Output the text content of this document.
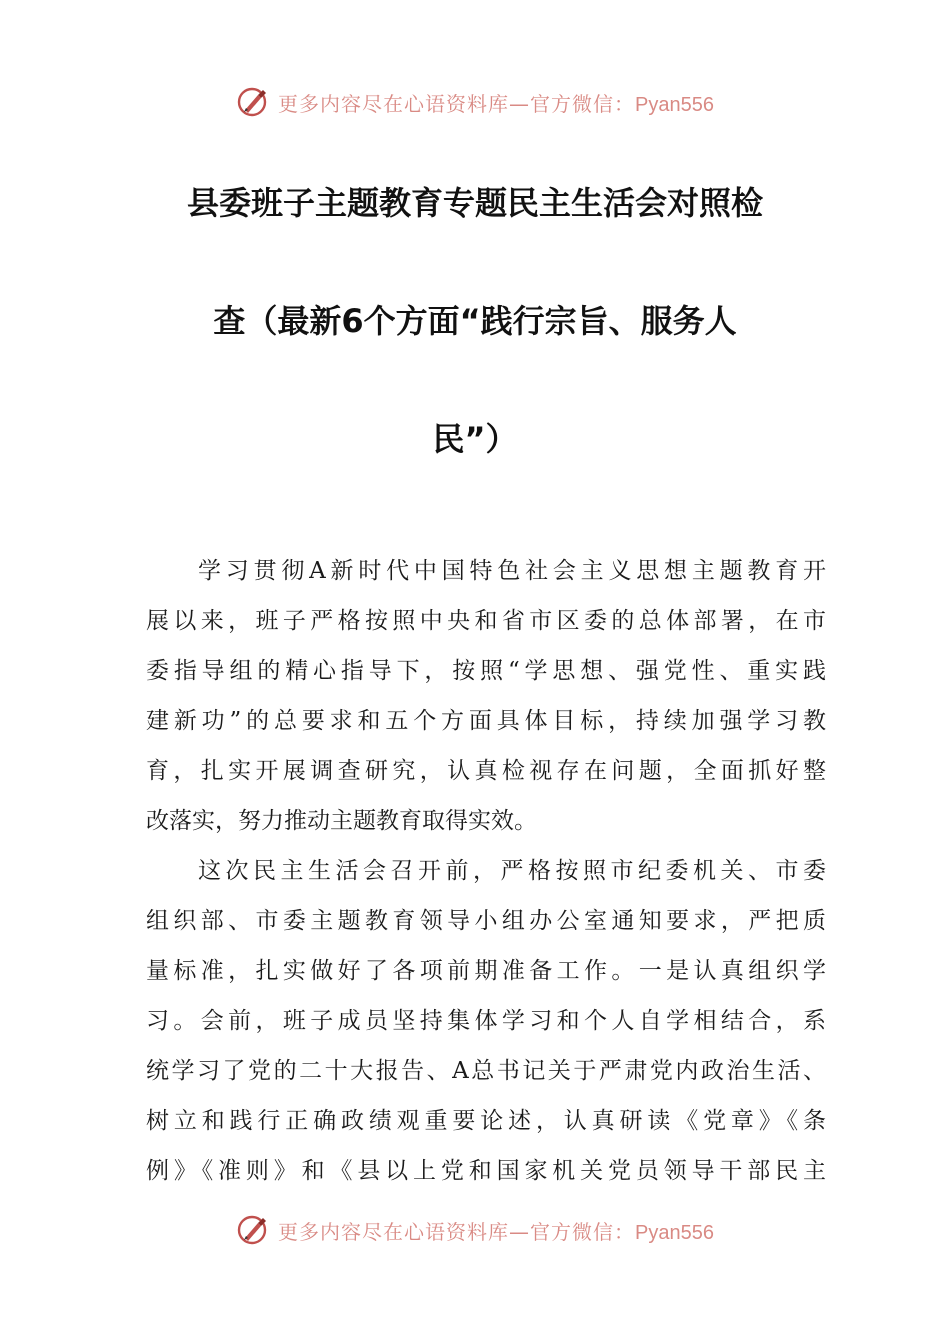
更多内容尽在心语资料库—官方微信：Pyan556
县委班子主题教育专题民主生活会对照检
查（最新6个方面“践行宗旨、服务人
民”）
学习贯彻A新时代中国特色社会主义思想主题教育开
展以来，班子严格按照中央和省市区委的总体部署，在市
委指导组的精心指导下，按照“学思想、强党性、重实践
建新功”的总要求和五个方面具体目标，持续加强学习教
育，扎实开展调查研究，认真检视存在问题，全面抓好整
改落实，努力推动主题教育取得实效。
这次民主生活会召开前，严格按照市纪委机关、市委
组织部、市委主题教育领导小组办公室通知要求，严把质
量标准，扎实做好了各项前期准备工作。一是认真组织学
习。会前，班子成员坚持集体学习和个人自学相结合，系
统学习了党的二十大报告、A总书记关于严肃党内政治生活、
树立和践行正确政绩观重要论述，认真研读《党章》《条
例》《准则》和《县以上党和国家机关党员领导干部民主
更多内容尽在心语资料库—官方微信：Pyan556
